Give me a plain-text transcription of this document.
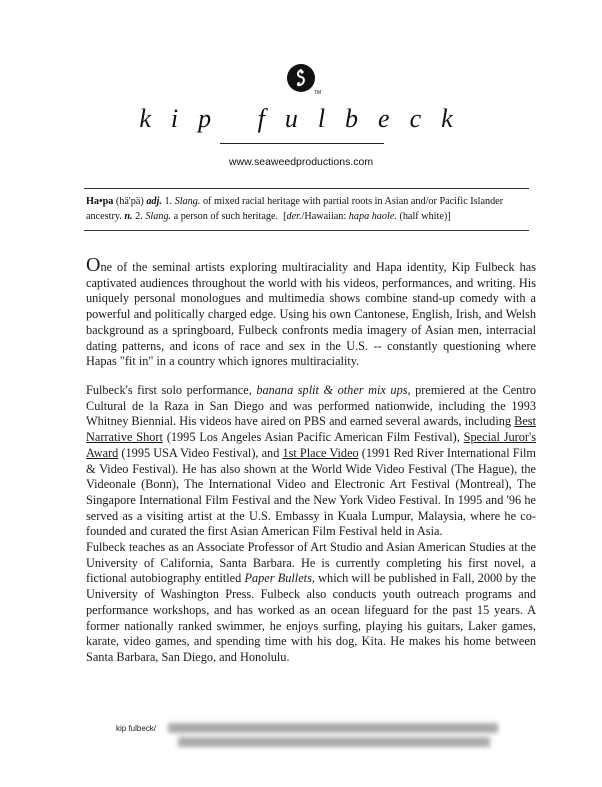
TM
kip fulbeck
www.seaweedproductions.com
Ha•pa (hä'pä) adj. 1. Slang. of mixed racial heritage with partial roots in Asian and/or Pacific Islander ancestry. n. 2. Slang. a person of such heritage. [der./Hawaiian: hapa haole. (half white)]
One of the seminal artists exploring multiraciality and Hapa identity, Kip Fulbeck has captivated audiences throughout the world with his videos, performances, and writing. His uniquely personal monologues and multimedia shows combine stand-up comedy with a powerful and politically charged edge. Using his own Cantonese, English, Irish, and Welsh background as a springboard, Fulbeck confronts media imagery of Asian men, interracial dating patterns, and icons of race and sex in the U.S. -- constantly questioning where Hapas "fit in" in a country which ignores multiraciality.
Fulbeck's first solo performance, banana split & other mix ups, premiered at the Centro Cultural de la Raza in San Diego and was performed nationwide, including the 1993 Whitney Biennial. His videos have aired on PBS and earned several awards, including Best Narrative Short (1995 Los Angeles Asian Pacific American Film Festival), Special Juror's Award (1995 USA Video Festival), and 1st Place Video (1991 Red River International Film & Video Festival). He has also shown at the World Wide Video Festival (The Hague), the Videonale (Bonn), The International Video and Electronic Art Festival (Montreal), The Singapore International Film Festival and the New York Video Festival. In 1995 and '96 he served as a visiting artist at the U.S. Embassy in Kuala Lumpur, Malaysia, where he co-founded and curated the first Asian American Film Festival held in Asia.
Fulbeck teaches as an Associate Professor of Art Studio and Asian American Studies at the University of California, Santa Barbara. He is currently completing his first novel, a fictional autobiography entitled Paper Bullets, which will be published in Fall, 2000 by the University of Washington Press. Fulbeck also conducts youth outreach programs and performance workshops, and has worked as an ocean lifeguard for the past 15 years. A former nationally ranked swimmer, he enjoys surfing, playing his guitars, Laker games, karate, video games, and spending time with his dog, Kita. He makes his home between Santa Barbara, San Diego, and Honolulu.
kip fulbeck/
